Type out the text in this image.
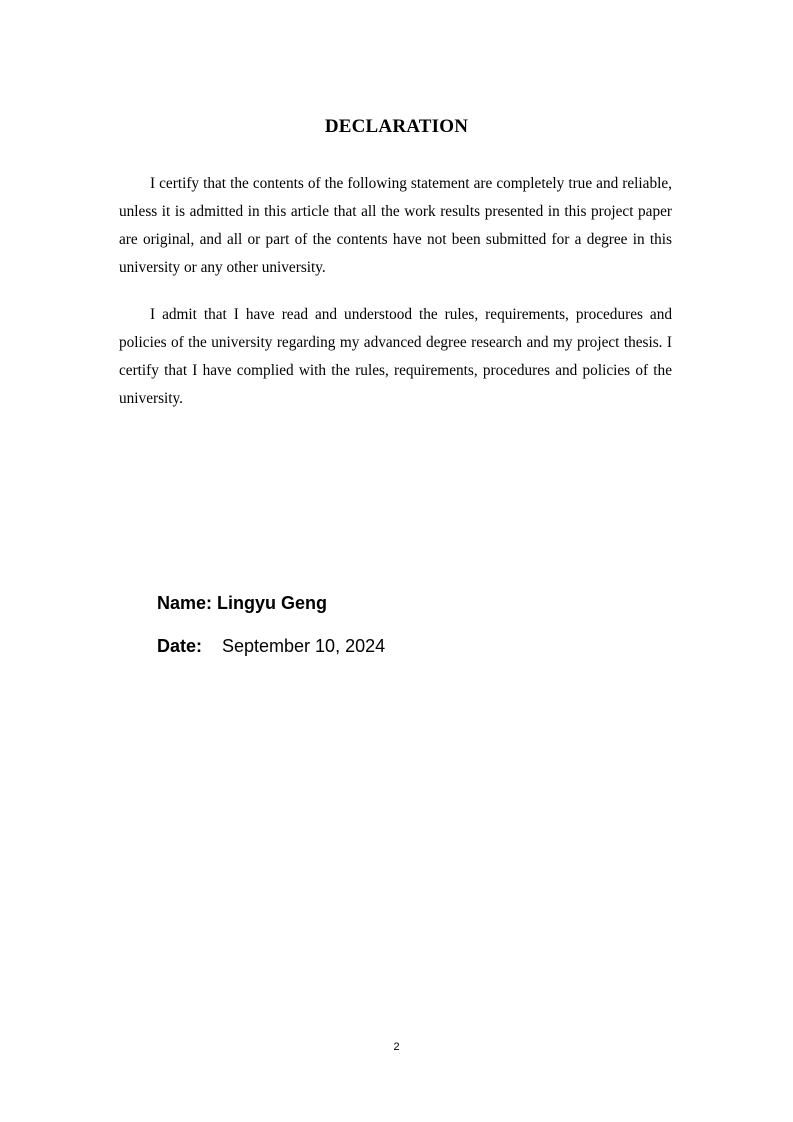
DECLARATION

I certify that the contents of the following statement are completely true and reliable, unless it is admitted in this article that all the work results presented in this project paper are original, and all or part of the contents have not been submitted for a degree in this university or any other university.

I admit that I have read and understood the rules, requirements, procedures and policies of the university regarding my advanced degree research and my project thesis. I certify that I have complied with the rules, requirements, procedures and policies of the university.

Name: Lingyu Geng
Date: September 10, 2024
2
